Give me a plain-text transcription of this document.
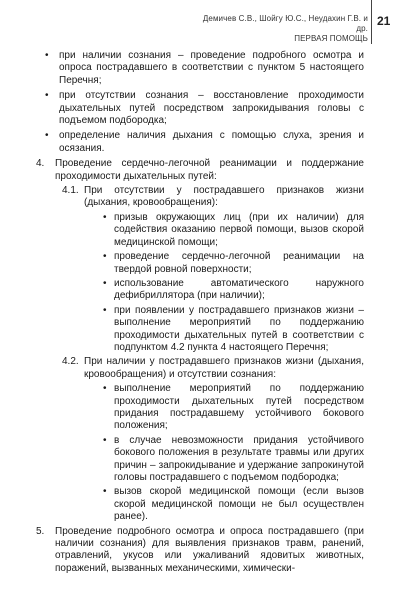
Демичев С.В., Шойгу Ю.С., Неудахин Г.В. и др.
ПЕРВАЯ ПОМОЩЬ
21

• при наличии сознания – проведение подробного осмотра и опроса пострадавшего в соответствии с пунктом 5 настоящего Перечня;

• при отсутствии сознания – восстановление проходимости дыхательных путей посредством запрокидывания головы с подъемом подбородка;

• определение наличия дыхания с помощью слуха, зрения и осязания.

4. Проведение сердечно-легочной реанимации и поддержание проходимости дыхательных путей:

4.1. При отсутствии у пострадавшего признаков жизни (дыхания, кровообращения):

• призыв окружающих лиц (при их наличии) для содействия оказанию первой помощи, вызов скорой медицинской помощи;

• проведение сердечно-легочной реанимации на твердой ровной поверхности;

• использование автоматического наружного дефибриллятора (при наличии);

• при появлении у пострадавшего признаков жизни – выполнение мероприятий по поддержанию проходимости дыхательных путей в соответствии с подпунктом 4.2 пункта 4 настоящего Перечня;

4.2. При наличии у пострадавшего признаков жизни (дыхания, кровообращения) и отсутствии сознания:

• выполнение мероприятий по поддержанию проходимости дыхательных путей посредством придания пострадавшему устойчивого бокового положения;

• в случае невозможности придания устойчивого бокового положения в результате травмы или других причин – запрокидывание и удержание запрокинутой головы пострадавшего с подъемом подбородка;

• вызов скорой медицинской помощи (если вызов скорой медицинской помощи не был осуществлен ранее).

5. Проведение подробного осмотра и опроса пострадавшего (при наличии сознания) для выявления признаков травм, ранений, отравлений, укусов или ужаливаний ядовитых животных, поражений, вызванных механическими, химически-
